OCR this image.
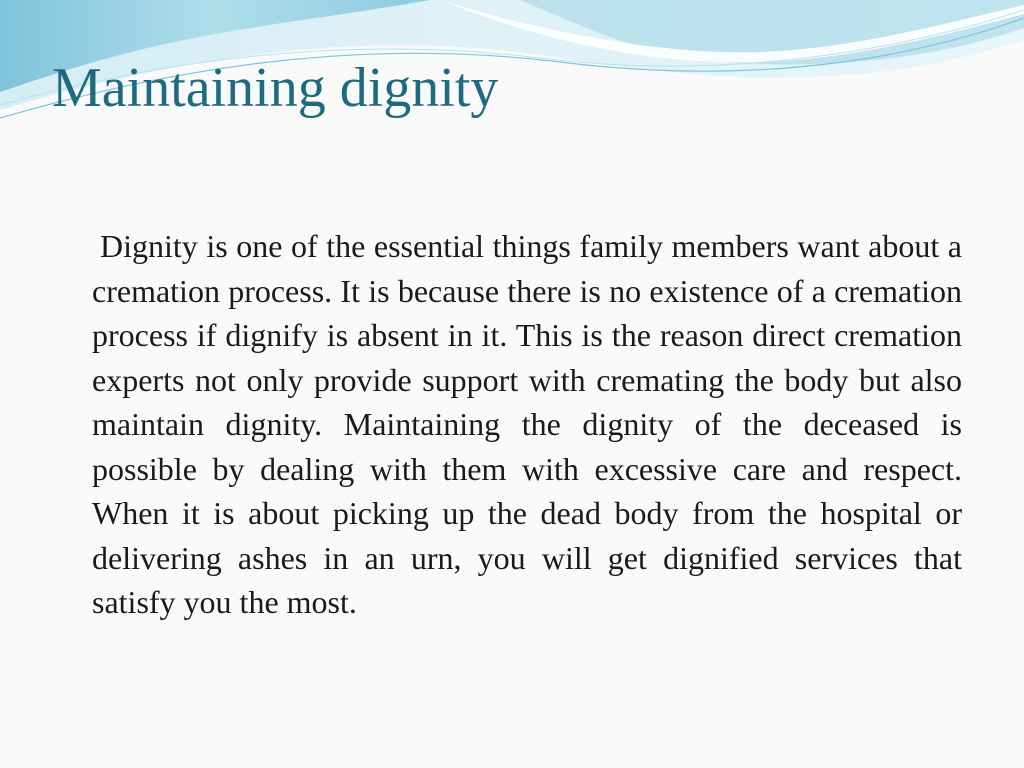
Maintaining dignity

Dignity is one of the essential things family members want about a cremation process. It is because there is no existence of a cremation process if dignify is absent in it. This is the reason direct cremation experts not only provide support with cremating the body but also maintain dignity. Maintaining the dignity of the deceased is possible by dealing with them with excessive care and respect. When it is about picking up the dead body from the hospital or delivering ashes in an urn, you will get dignified services that satisfy you the most.
